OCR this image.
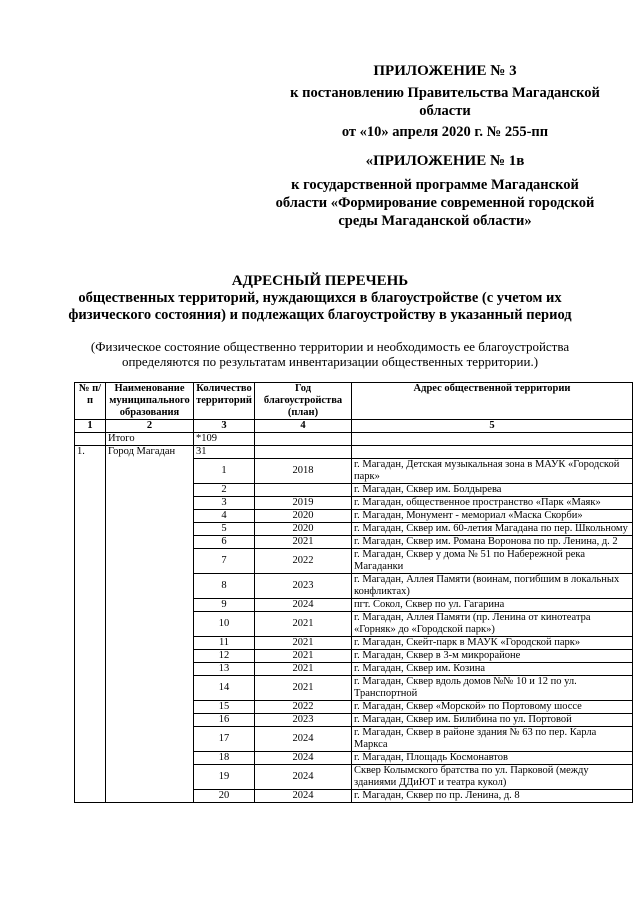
ПРИЛОЖЕНИЕ № 3
к постановлению Правительства Магаданской области
от «10» апреля 2020 г. № 255-пп
«ПРИЛОЖЕНИЕ № 1в
к государственной программе Магаданской области «Формирование современной городской среды Магаданской области»
АДРЕСНЫЙ ПЕРЕЧЕНЬ
общественных территорий, нуждающихся в благоустройстве (с учетом их физического состояния) и подлежащих благоустройству в указанный период
(Физическое состояние общественно территории и необходимость ее благоустройства определяются по результатам инвентаризации общественных территории.)
№ п/п	Наименование муниципального образования	Количество территорий	Год благоустройства (план)	Адрес общественной территории
1	2	3	4	5
	Итого	*109		
1.	Город Магадан	31		
		1	2018	г. Магадан, Детская музыкальная зона в МАУК «Городской парк»
		2		г. Магадан, Сквер им. Болдырева
		3	2019	г. Магадан, общественное пространство «Парк «Маяк»
		4	2020	г. Магадан, Монумент - мемориал «Маска Скорби»
		5	2020	г. Магадан, Сквер им. 60-летия Магадана по пер. Школьному
		6	2021	г. Магадан, Сквер им. Романа Воронова по пр. Ленина, д. 2
		7	2022	г. Магадан, Сквер у дома № 51 по Набережной река Магаданки
		8	2023	г. Магадан, Аллея Памяти (воинам, погибшим в локальных конфликтах)
		9	2024	пгт. Сокол, Сквер по ул. Гагарина
		10	2021	г. Магадан, Аллея Памяти (пр. Ленина от кинотеатра «Горняк» до «Городской парк»)
		11	2021	г. Магадан, Скейт-парк в МАУК «Городской парк»
		12	2021	г. Магадан, Сквер в 3-м микрорайоне
		13	2021	г. Магадан, Сквер им. Козина
		14	2021	г. Магадан, Сквер вдоль домов №№ 10 и 12 по ул. Транспортной
		15	2022	г. Магадан, Сквер «Морской» по Портовому шоссе
		16	2023	г. Магадан, Сквер им. Билибина по ул. Портовой
		17	2024	г. Магадан, Сквер в районе здания № 63 по пер. Карла Маркса
		18	2024	г. Магадан, Площадь Космонавтов
		19	2024	Сквер Колымского братства по ул. Парковой (между зданиями ДДиЮТ и театра кукол)
		20	2024	г. Магадан, Сквер по пр. Ленина, д. 8
